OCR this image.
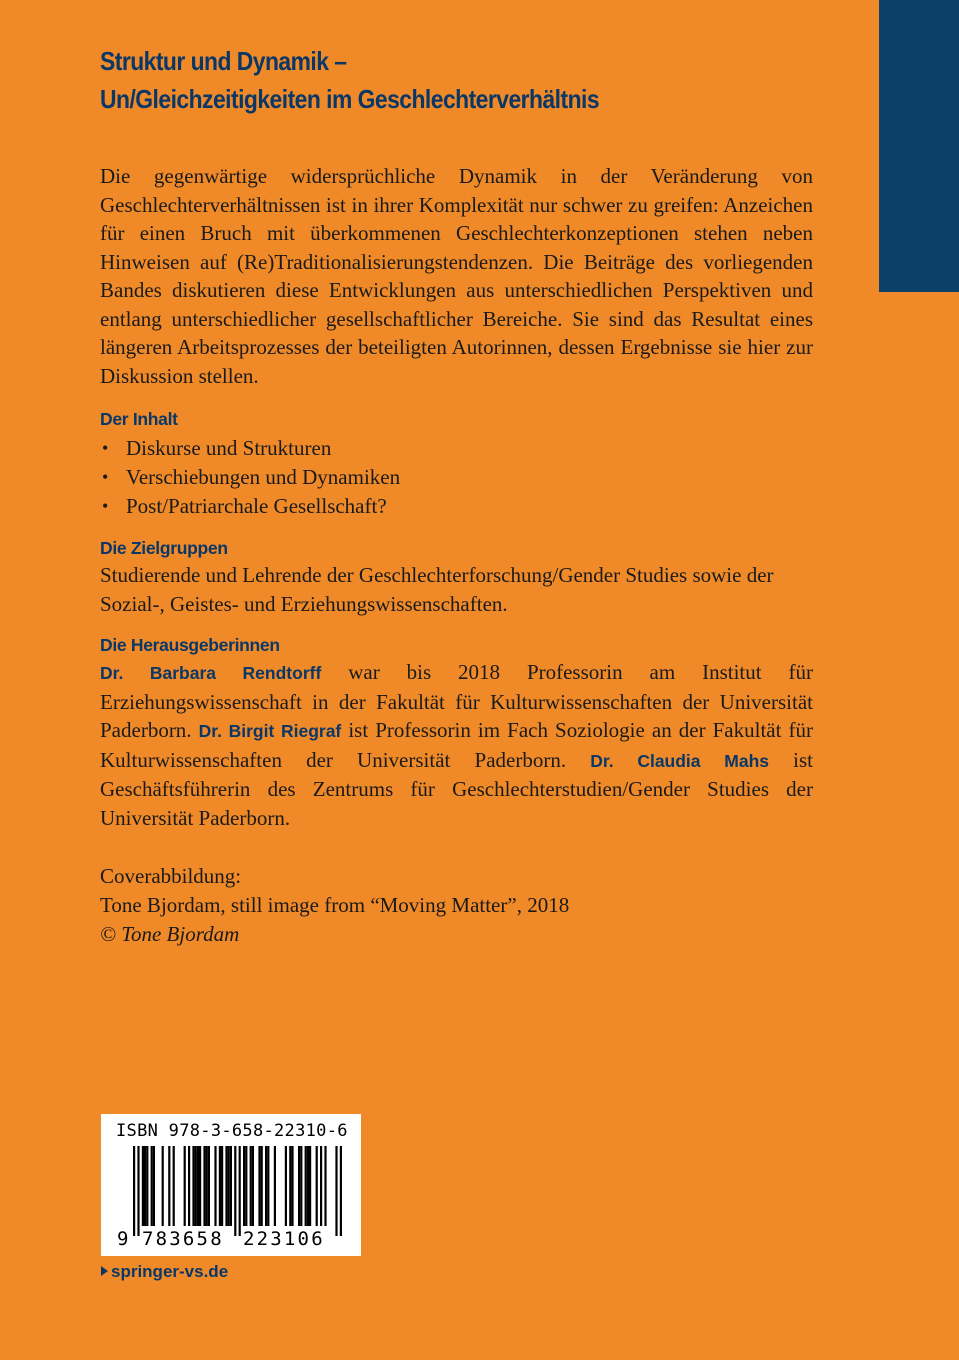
Struktur und Dynamik –
Un/Gleichzeitigkeiten im Geschlechterverhältnis

Die gegenwärtige widersprüchliche Dynamik in der Veränderung von Geschlechterverhältnissen ist in ihrer Komplexität nur schwer zu greifen: Anzeichen für einen Bruch mit überkommenen Geschlechterkonzeptionen stehen neben Hinweisen auf (Re)Traditionalisierungstendenzen. Die Beiträge des vorliegenden Bandes diskutieren diese Entwicklungen aus unterschiedlichen Perspektiven und entlang unterschiedlicher gesellschaftlicher Bereiche. Sie sind das Resultat eines längeren Arbeitsprozesses der beteiligten Autorinnen, dessen Ergebnisse sie hier zur Diskussion stellen.

Der Inhalt
• Diskurse und Strukturen
• Verschiebungen und Dynamiken
• Post/Patriarchale Gesellschaft?
Die Zielgruppen

Studierende und Lehrende der Geschlechterforschung/Gender Studies sowie der Sozial-, Geistes- und Erziehungswissenschaften.

Die Herausgeberinnen

Dr. Barbara Rendtorff war bis 2018 Professorin am Institut für Erziehungswissenschaft in der Fakultät für Kulturwissenschaften der Universität Paderborn. Dr. Birgit Riegraf ist Professorin im Fach Soziologie an der Fakultät für Kulturwissenschaften der Universität Paderborn. Dr. Claudia Mahs ist Geschäftsführerin des Zentrums für Geschlechterstudien/Gender Studies der Universität Paderborn.

Coverabbildung:
Tone Bjordam, still image from “Moving Matter”, 2018
© Tone Bjordam
ISBN 978-3-658-22310-6
9 783658 223106
springer-vs.de
